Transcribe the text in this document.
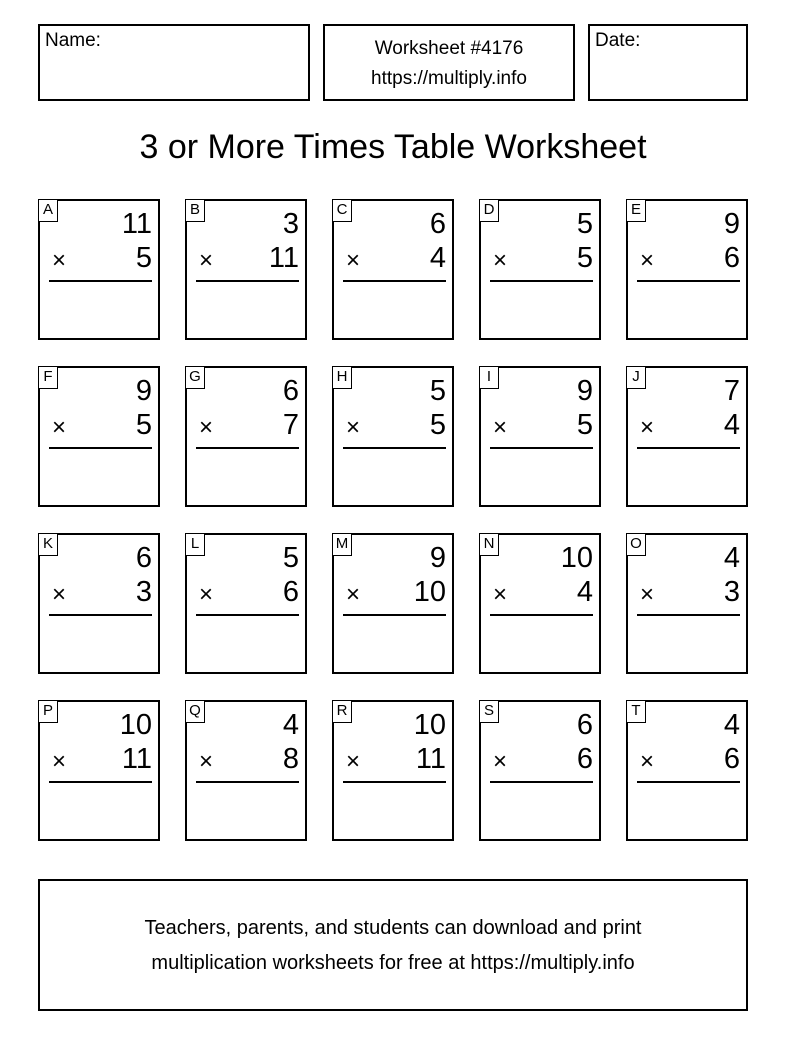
Name:	Worksheet #4176
https://multiply.info
Date:
3 or More Times Table Worksheet
A 11
× 5
B	3
× 11
C	6
× 4
D	5
× 5
E	9
× 6
F	9
× 5
G	6
× 7
H	5
× 5
I	9
× 5
J	7
× 4
K	6
× 3
L	5
× 6
M	9
× 10
N 10
× 4
O	4
× 3
P 10
× 11
Q	4
× 8
R 10
× 11
S	6
× 6
T	4
× 6
Teachers, parents, and students can download and print
multiplication worksheets for free at https://multiply.info
